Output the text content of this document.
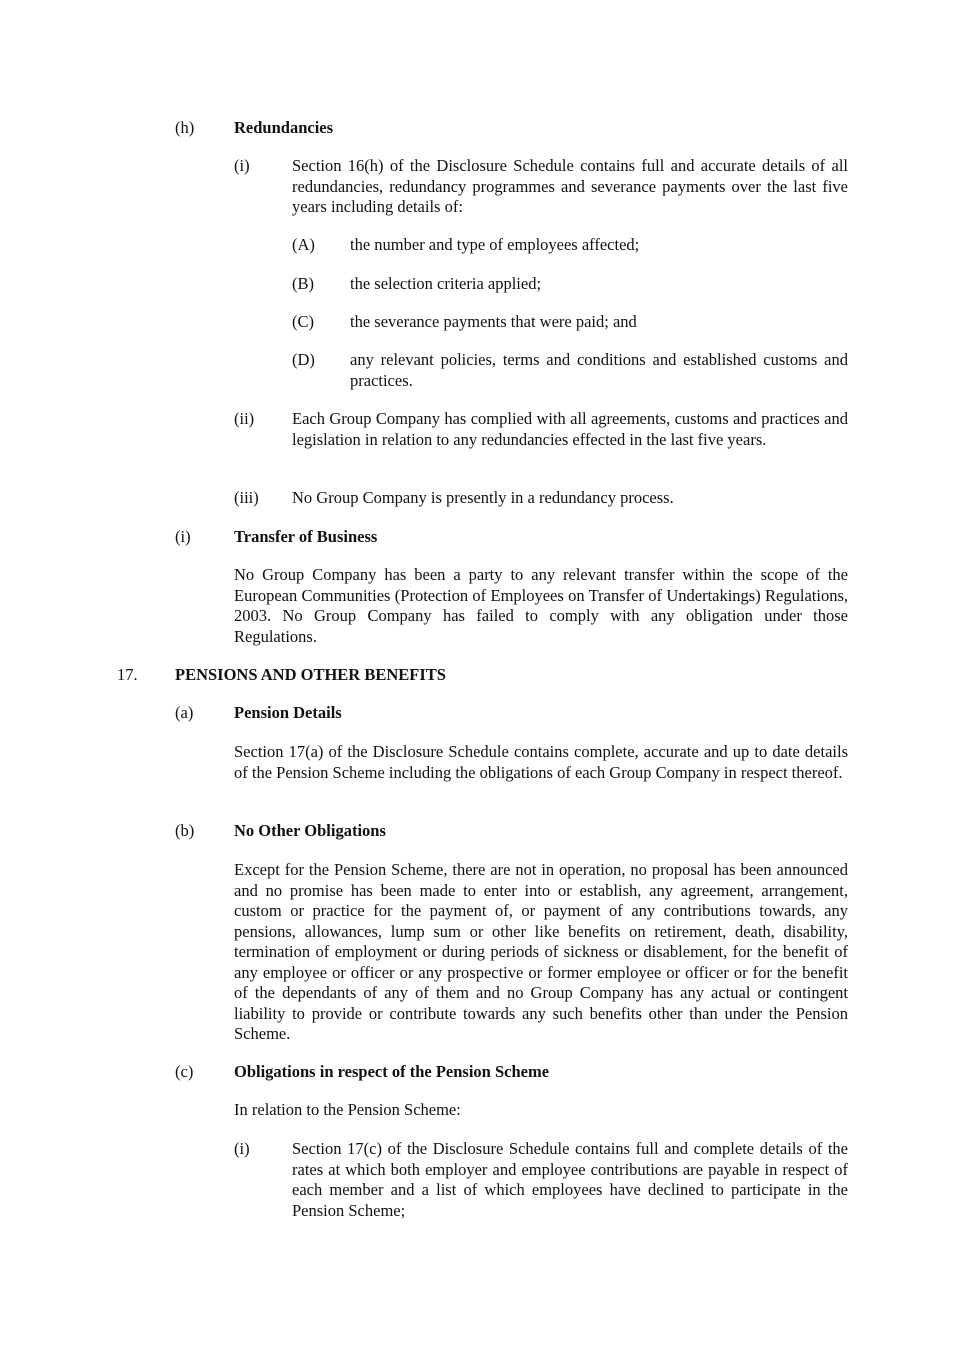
(h)	Redundancies

(i)	Section 16(h) of the Disclosure Schedule contains full and accurate details of all redundancies, redundancy programmes and severance payments over the last five years including details of:

(A)	the number and type of employees affected;

(B)	the selection criteria applied;

(C)	the severance payments that were paid; and

(D)	any relevant policies, terms and conditions and established customs and practices.

(ii)	Each Group Company has complied with all agreements, customs and practices and legislation in relation to any redundancies effected in the last five years.

(iii)	No Group Company is presently in a redundancy process.

(i)	Transfer of Business

No Group Company has been a party to any relevant transfer within the scope of the European Communities (Protection of Employees on Transfer of Undertakings) Regulations, 2003. No Group Company has failed to comply with any obligation under those Regulations.

17.	PENSIONS AND OTHER BENEFITS

(a)	Pension Details

Section 17(a) of the Disclosure Schedule contains complete, accurate and up to date details of the Pension Scheme including the obligations of each Group Company in respect thereof.

(b)	No Other Obligations

Except for the Pension Scheme, there are not in operation, no proposal has been announced and no promise has been made to enter into or establish, any agreement, arrangement, custom or practice for the payment of, or payment of any contributions towards, any pensions, allowances, lump sum or other like benefits on retirement, death, disability, termination of employment or during periods of sickness or disablement, for the benefit of any employee or officer or any prospective or former employee or officer or for the benefit of the dependants of any of them and no Group Company has any actual or contingent liability to provide or contribute towards any such benefits other than under the Pension Scheme.

(c)	Obligations in respect of the Pension Scheme

In relation to the Pension Scheme:

(i)	Section 17(c) of the Disclosure Schedule contains full and complete details of the rates at which both employer and employee contributions are payable in respect of each member and a list of which employees have declined to participate in the Pension Scheme;
